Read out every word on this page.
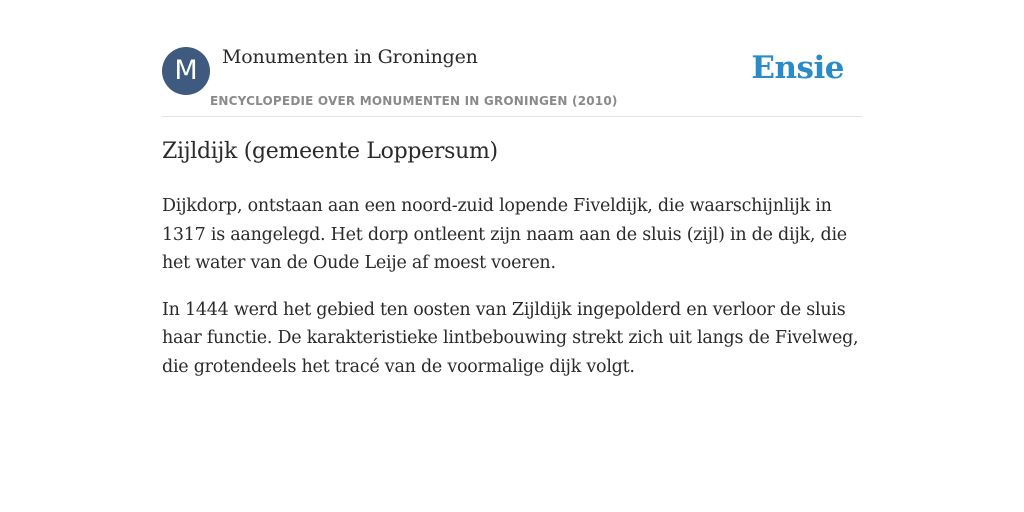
M	Monumenten in Groningen
ENCYCLOPEDIE OVER MONUMENTEN IN GRONINGEN (2010)
Ensie
Zijldijk (gemeente Loppersum)

Dijkdorp, ontstaan aan een noord-zuid lopende Fiveldijk, die waarschijnlijk in 1317 is aangelegd. Het dorp ontleent zijn naam aan de sluis (zijl) in de dijk, die het water van de Oude Leije af moest voeren.

In 1444 werd het gebied ten oosten van Zijldijk ingepolderd en verloor de sluis haar functie. De karakteristieke lintbebouwing strekt zich uit langs de Fivelweg, die grotendeels het tracé van de voormalige dijk volgt.
